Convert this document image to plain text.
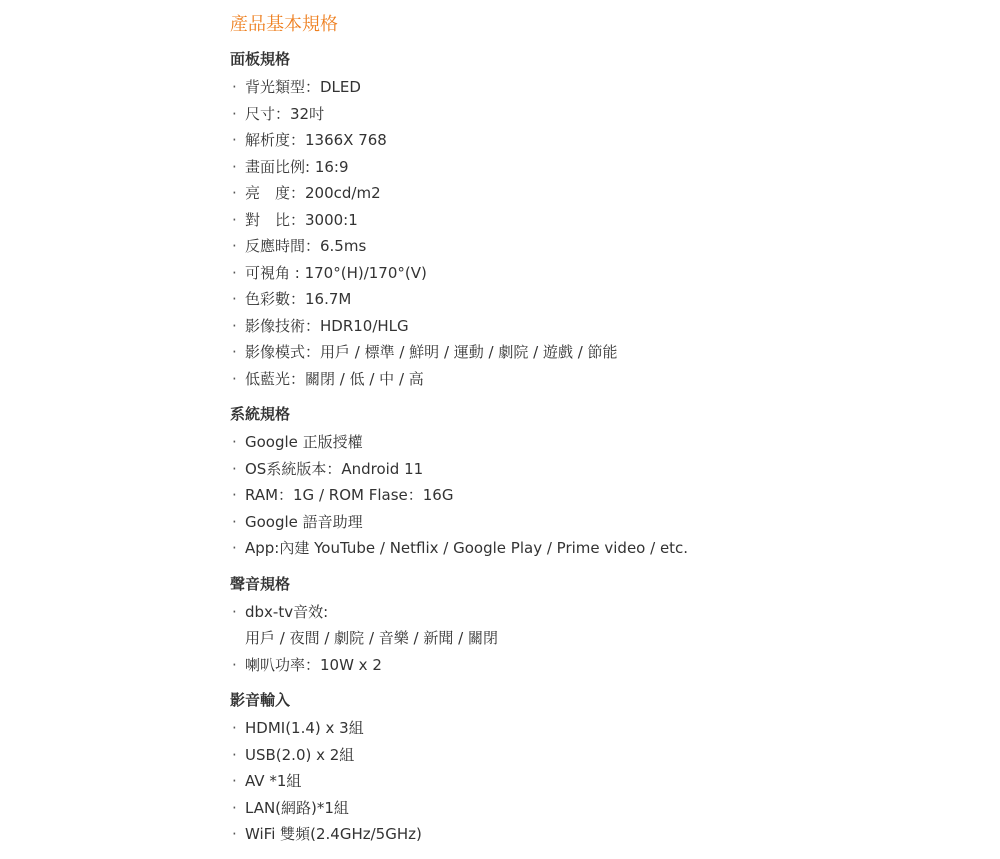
產品基本規格
面板規格
· 背光類型：DLED
· 尺寸：32吋
· 解析度：1366X 768
· 畫面比例: 16:9
· 亮　度：200cd/m2
· 對　比：3000:1
· 反應時間：6.5ms
· 可視角 : 170°(H)/170°(V)
· 色彩數：16.7M
· 影像技術：HDR10/HLG
· 影像模式：用戶 / 標準 / 鮮明 / 運動 / 劇院 / 遊戲 / 節能
· 低藍光：關閉 / 低 / 中 / 高
系統規格
· Google 正版授權
· OS系統版本：Android 11
· RAM：1G / ROM Flase：16G
· Google 語音助理
· App:內建 YouTube / Netflix / Google Play / Prime video / etc.
聲音規格
· dbx-tv音效:
用戶 / 夜間 / 劇院 / 音樂 / 新聞 / 關閉
· 喇叭功率：10W x 2
影音輸入
· HDMI(1.4) x 3組
· USB(2.0) x 2組
· AV *1組
· LAN(網路)*1組
· WiFi 雙頻(2.4GHz/5GHz)
